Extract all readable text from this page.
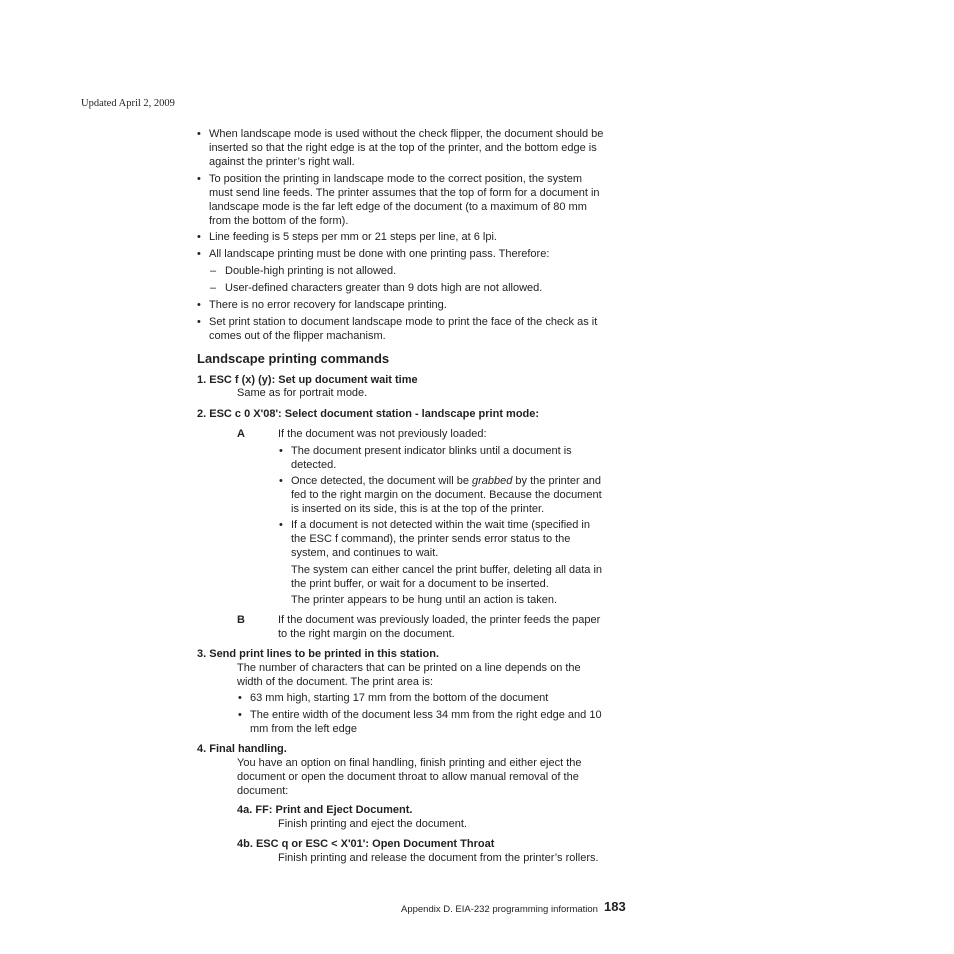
Updated April 2, 2009
• When landscape mode is used without the check flipper, the document should be
inserted so that the right edge is at the top of the printer, and the bottom edge is
against the printer’s right wall.
• To position the printing in landscape mode to the correct position, the system
must send line feeds. The printer assumes that the top of form for a document in
landscape mode is the far left edge of the document (to a maximum of 80 mm
from the bottom of the form).
• Line feeding is 5 steps per mm or 21 steps per line, at 6 lpi.
• All landscape printing must be done with one printing pass. Therefore:
– Double-high printing is not allowed.
– User-defined characters greater than 9 dots high are not allowed.
• There is no error recovery for landscape printing.
• Set print station to document landscape mode to print the face of the check as it
comes out of the flipper machanism.
Landscape printing commands
1. ESC f (x) (y): Set up document wait time
Same as for portrait mode.
2. ESC c 0 X'08': Select document station - landscape print mode:
A	If the document was not previously loaded:
• The document present indicator blinks until a document is
detected.
• Once detected, the document will be grabbed by the printer and
fed to the right margin on the document. Because the document
is inserted on its side, this is at the top of the printer.
• If a document is not detected within the wait time (specified in
the ESC f command), the printer sends error status to the
system, and continues to wait.
The system can either cancel the print buffer, deleting all data in
the print buffer, or wait for a document to be inserted.
The printer appears to be hung until an action is taken.
B	If the document was previously loaded, the printer feeds the paper
to the right margin on the document.
3. Send print lines to be printed in this station.
The number of characters that can be printed on a line depends on the
width of the document. The print area is:
• 63 mm high, starting 17 mm from the bottom of the document
• The entire width of the document less 34 mm from the right edge and 10
mm from the left edge
4. Final handling.
You have an option on final handling, finish printing and either eject the
document or open the document throat to allow manual removal of the
document:
4a. FF: Print and Eject Document.
Finish printing and eject the document.
4b. ESC q or ESC < X'01': Open Document Throat
Finish printing and release the document from the printer’s rollers.
Appendix D. EIA-232 programming information 183
